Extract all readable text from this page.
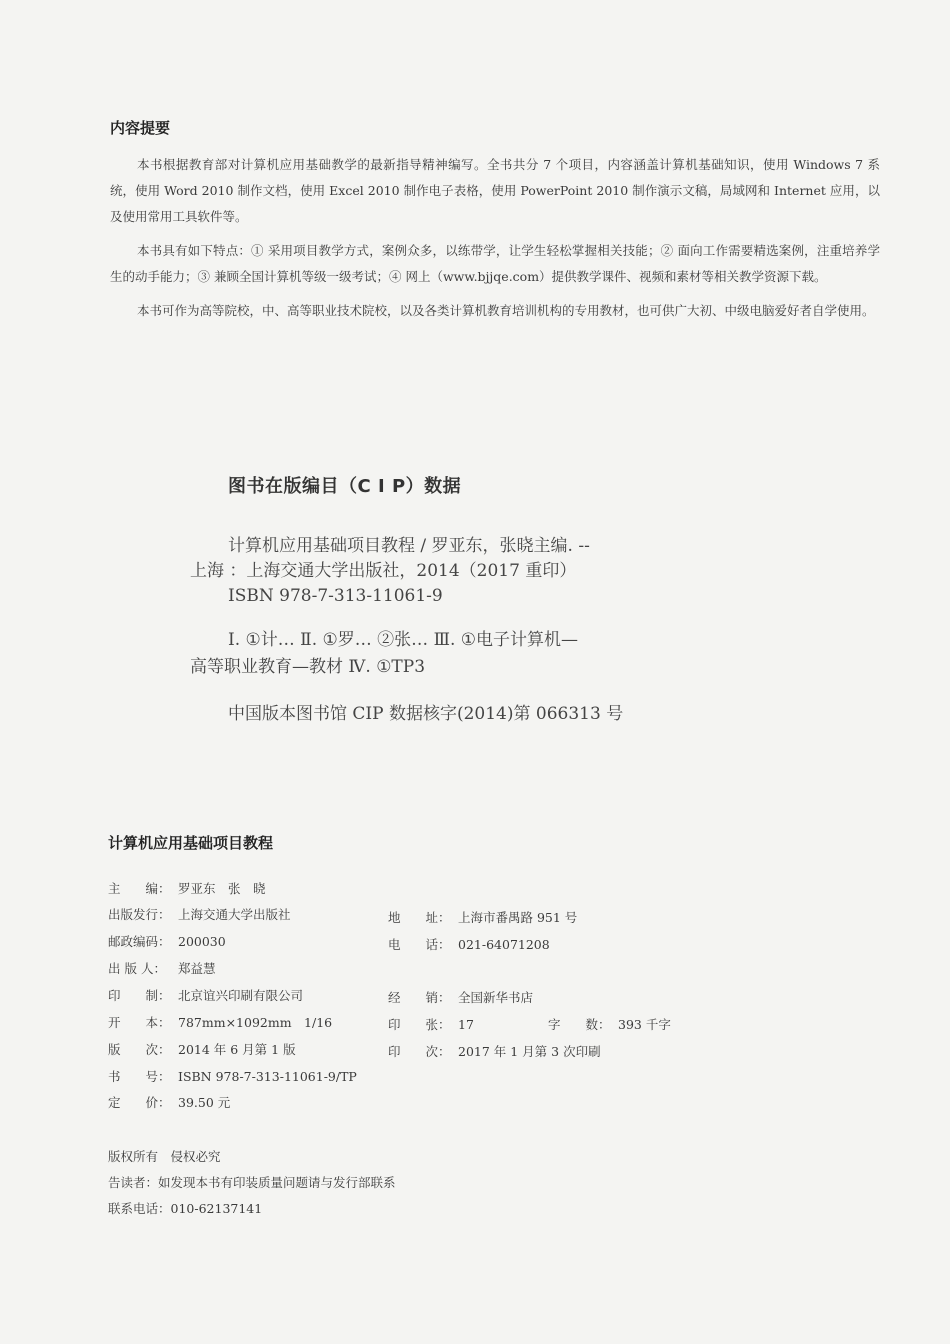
内容提要

本书根据教育部对计算机应用基础教学的最新指导精神编写。全书共分 7 个项目，内容涵盖计算机基础知识，使用 Windows 7 系统，使用 Word 2010 制作文档，使用 Excel 2010 制作电子表格，使用 PowerPoint 2010 制作演示文稿，局域网和 Internet 应用，以及使用常用工具软件等。

本书具有如下特点：① 采用项目教学方式，案例众多，以练带学，让学生轻松掌握相关技能；② 面向工作需要精选案例，注重培养学生的动手能力；③ 兼顾全国计算机等级一级考试；④ 网上（www.bjjqe.com）提供教学课件、视频和素材等相关教学资源下载。

本书可作为高等院校，中、高等职业技术院校，以及各类计算机教育培训机构的专用教材，也可供广大初、中级电脑爱好者自学使用。

图书在版编目（C I P）数据
计算机应用基础项目教程 / 罗亚东，张晓主编. --
上海 ：上海交通大学出版社，2014（2017 重印）
ISBN 978-7-313-11061-9
Ⅰ. ①计… Ⅱ. ①罗… ②张… Ⅲ. ①电子计算机—
高等职业教育—教材 Ⅳ. ①TP3
中国版本图书馆 CIP 数据核字(2014)第 066313 号
计算机应用基础项目教程
主　　编： 罗亚东　张　晓
出版发行： 上海交通大学出版社	地　　址： 上海市番禺路 951 号
邮政编码： 200030	电　　话： 021-64071208
出 版 人： 郑益慧
印　　制： 北京谊兴印刷有限公司	经　　销： 全国新华书店
开　　本： 787mm×1092mm　1/16	印　　张： 17	字　　数： 393 千字
版　　次： 2014 年 6 月第 1 版	印　　次： 2017 年 1 月第 3 次印刷
书　　号： ISBN 978-7-313-11061-9/TP
定　　价： 39.50 元
版权所有　侵权必究
告读者：如发现本书有印装质量问题请与发行部联系
联系电话：010-62137141
